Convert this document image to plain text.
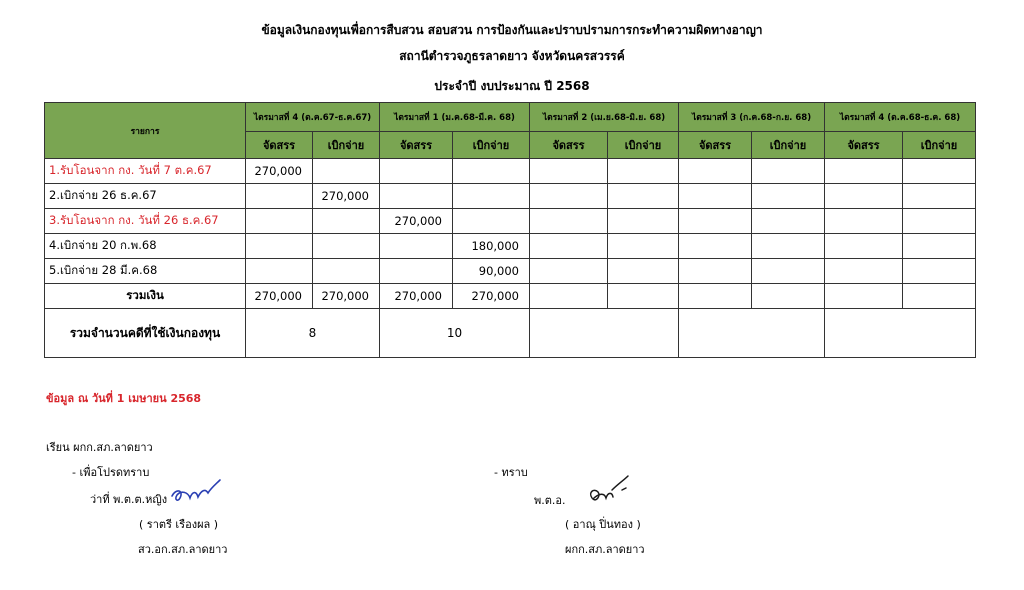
ข้อมูลเงินกองทุนเพื่อการสืบสวน สอบสวน การป้องกันและปราบปรามการกระทำความผิดทางอาญา
สถานีตำรวจภูธรลาดยาว จังหวัดนครสวรรค์
ประจำปี งบประมาณ ปี 2568
รายการ	ไตรมาสที่ 4 (ต.ค.67-ธ.ค.67)		ไตรมาสที่ 1 (ม.ค.68-มี.ค. 68)		ไตรมาสที่ 2 (เม.ย.68-มิ.ย. 68)		ไตรมาสที่ 3 (ก.ค.68-ก.ย. 68)		ไตรมาสที่ 4 (ต.ค.68-ธ.ค. 68)	
	จัดสรร	เบิกจ่าย	จัดสรร	เบิกจ่าย	จัดสรร	เบิกจ่าย	จัดสรร	เบิกจ่าย	จัดสรร	เบิกจ่าย
1.รับโอนจาก กง. วันที่ 7 ต.ค.67	270,000									
2.เบิกจ่าย 26 ธ.ค.67		270,000								
3.รับโอนจาก กง. วันที่ 26 ธ.ค.67			270,000							
4.เบิกจ่าย 20 ก.พ.68				180,000						
5.เบิกจ่าย 28 มี.ค.68				90,000						
รวมเงิน	270,000	270,000	270,000	270,000						
รวมจำนวนคดีที่ใช้เงินกองทุน	8		10							
ข้อมูล ณ วันที่ 1 เมษายน 2568
เรียน ผกก.สภ.ลาดยาว
- เพื่อโปรดทราบ
ว่าที่ พ.ต.ต.หญิง
( ราตรี เรืองผล )
สว.อก.สภ.ลาดยาว
- ทราบ
พ.ต.อ.
( อาณุ ปิ่นทอง )
ผกก.สภ.ลาดยาว
